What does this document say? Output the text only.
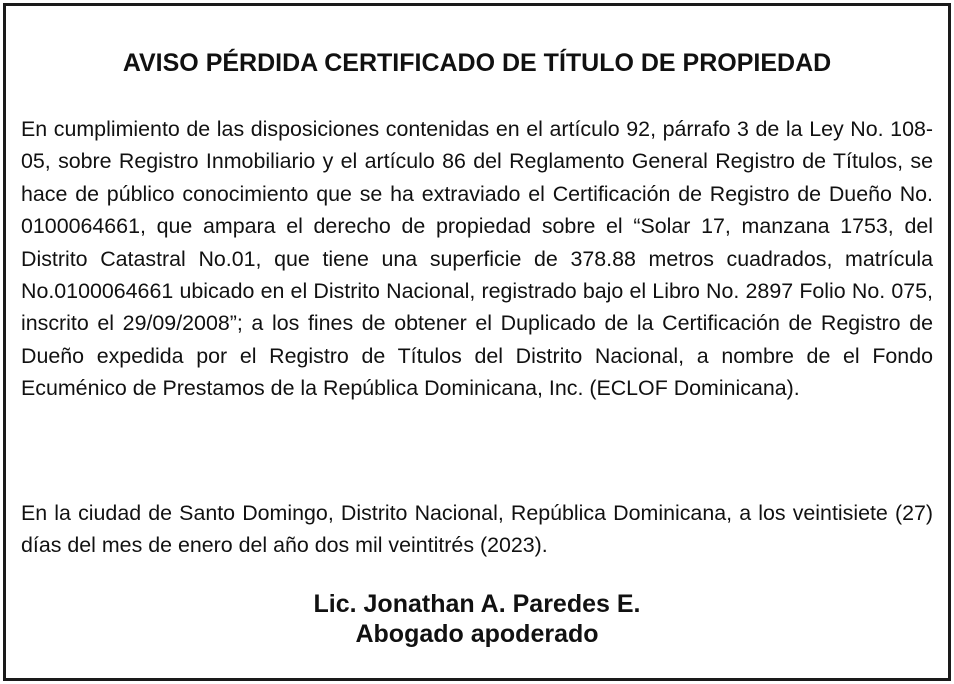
AVISO PÉRDIDA CERTIFICADO DE TÍTULO DE PROPIEDAD

En cumplimiento de las disposiciones contenidas en el artículo 92, párrafo 3 de la Ley No. 108-05, sobre Registro Inmobiliario y el artículo 86 del Reglamento General Registro de Títulos, se hace de público conocimiento que se ha extraviado el Certificación de Registro de Dueño No. 0100064661, que ampara el derecho de propiedad sobre el “Solar 17, manzana 1753, del Distrito Catastral No.01, que tiene una superficie de 378.88 metros cuadrados, matrícula No.0100064661 ubicado en el Distrito Nacional, registrado bajo el Libro No. 2897 Folio No. 075, inscrito el 29/09/2008”; a los fines de obtener el Duplicado de la Certificación de Registro de Dueño expedida por el Registro de Títulos del Distrito Nacional, a nombre de el Fondo Ecuménico de Prestamos de la República Dominicana, Inc. (ECLOF Dominicana).

En la ciudad de Santo Domingo, Distrito Nacional, República Dominicana, a los veintisiete (27) días del mes de enero del año dos mil veintitrés (2023).

Lic. Jonathan A. Paredes E.
Abogado apoderado
